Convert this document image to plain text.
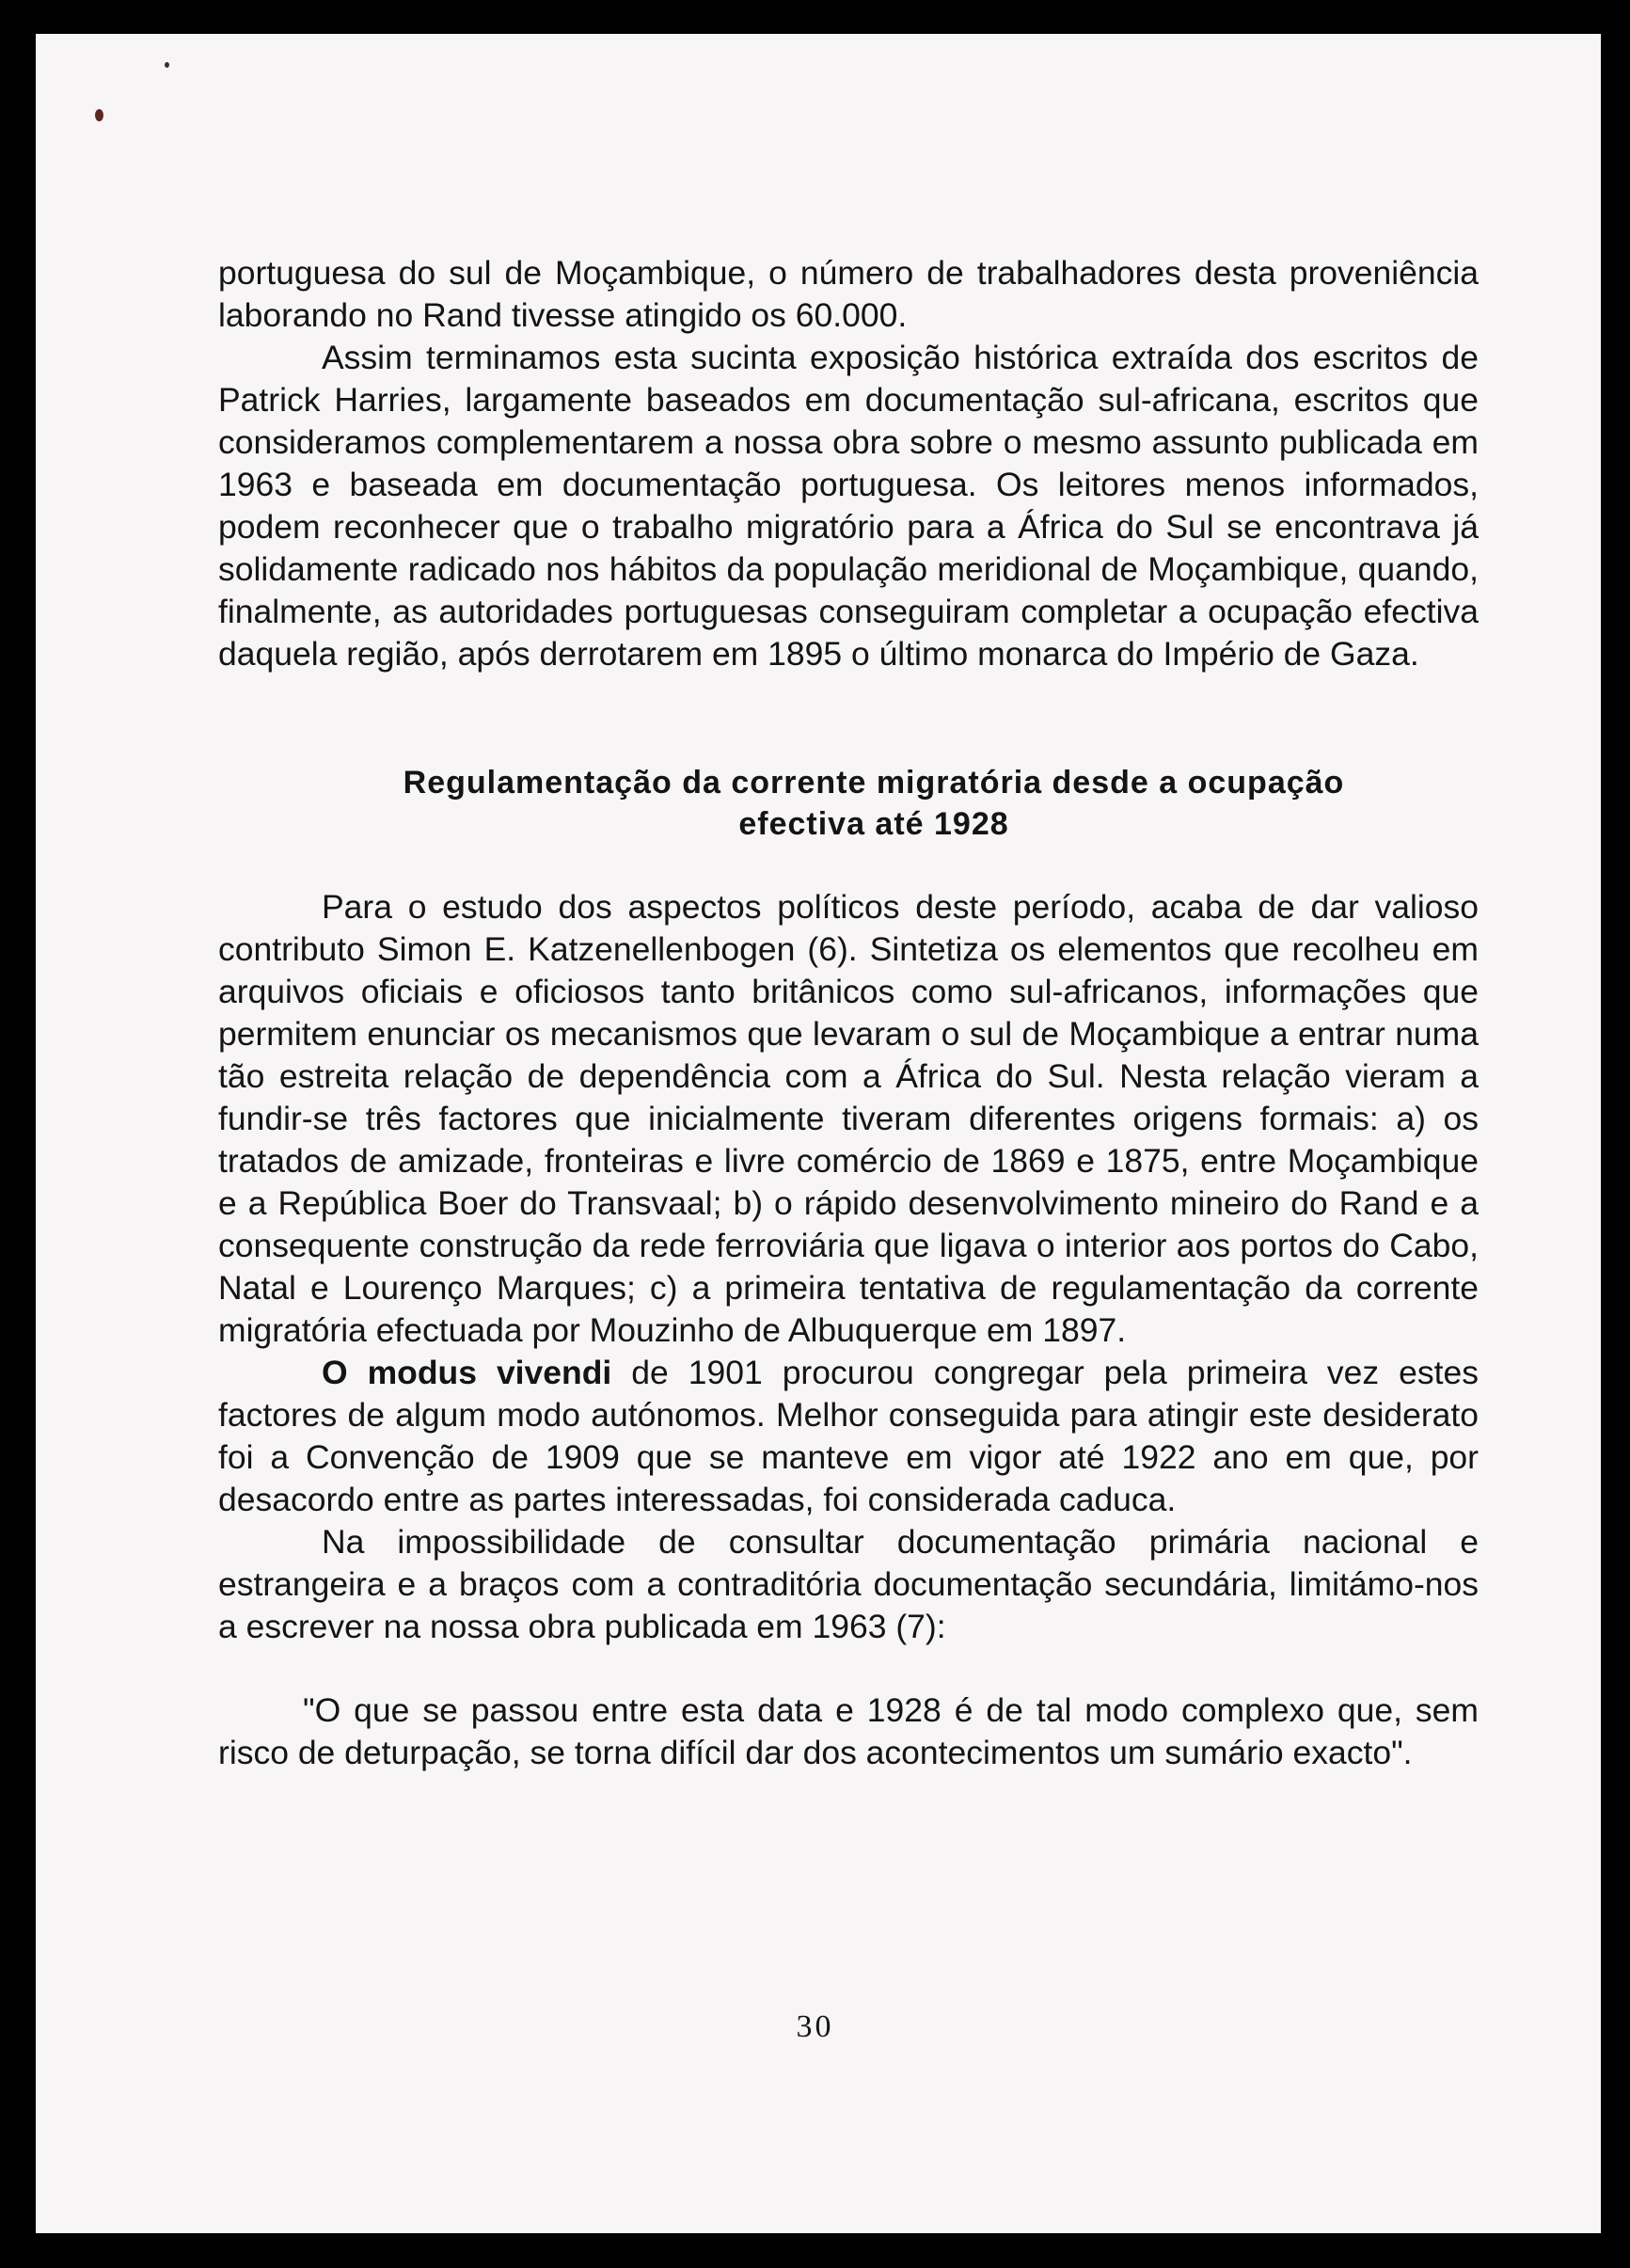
portuguesa do sul de Moçambique, o número de trabalhadores desta proveniência laborando no Rand tivesse atingido os 60.000.

Assim terminamos esta sucinta exposição histórica extraída dos escritos de Patrick Harries, largamente baseados em documentação sul-africana, escritos que consideramos complementarem a nossa obra sobre o mesmo assunto publicada em 1963 e baseada em documentação portuguesa. Os leitores menos informados, podem reconhecer que o trabalho migratório para a África do Sul se encontrava já solidamente radicado nos hábitos da população meridional de Moçambique, quando, finalmente, as autoridades portuguesas conseguiram completar a ocupação efectiva daquela região, após derrotarem em 1895 o último monarca do Império de Gaza.

Regulamentação da corrente migratória desde a ocupação
efectiva até 1928

Para o estudo dos aspectos políticos deste período, acaba de dar valioso contributo Simon E. Katzenellenbogen (6). Sintetiza os elementos que recolheu em arquivos oficiais e oficiosos tanto britânicos como sul-africanos, informações que permitem enunciar os mecanismos que levaram o sul de Moçambique a entrar numa tão estreita relação de dependência com a África do Sul. Nesta relação vieram a fundir-se três factores que inicialmente tiveram diferentes origens formais: a) os tratados de amizade, fronteiras e livre comércio de 1869 e 1875, entre Moçambique e a República Boer do Transvaal; b) o rápido desenvolvimento mineiro do Rand e a consequente construção da rede ferroviária que ligava o interior aos portos do Cabo, Natal e Lourenço Marques; c) a primeira tentativa de regulamentação da corrente migratória efectuada por Mouzinho de Albuquerque em 1897.

O modus vivendi de 1901 procurou congregar pela primeira vez estes factores de algum modo autónomos. Melhor conseguida para atingir este desiderato foi a Convenção de 1909 que se manteve em vigor até 1922 ano em que, por desacordo entre as partes interessadas, foi considerada caduca.

Na impossibilidade de consultar documentação primária nacional e estrangeira e a braços com a contraditória documentação secundária, limitámo-nos a escrever na nossa obra publicada em 1963 (7):

"O que se passou entre esta data e 1928 é de tal modo complexo que, sem risco de deturpação, se torna difícil dar dos acontecimentos um sumário exacto".

30
